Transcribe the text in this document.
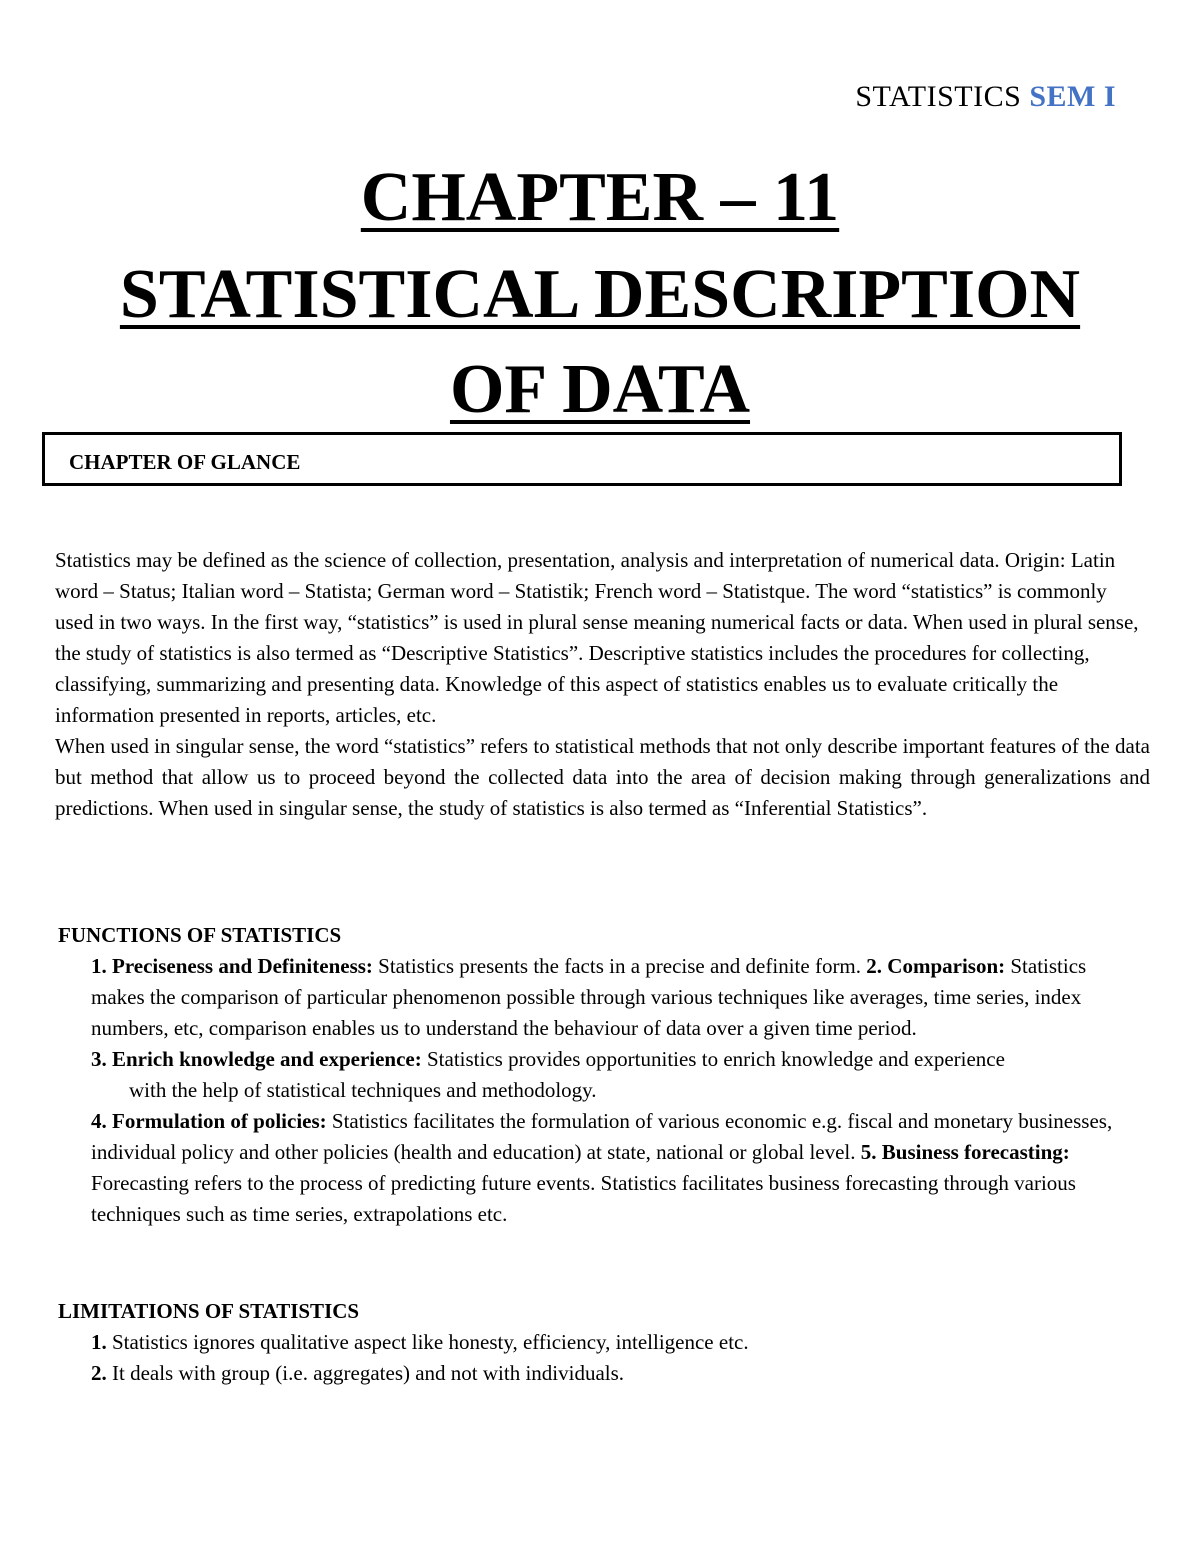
STATISTICS SEM I
CHAPTER – 11
STATISTICAL DESCRIPTION
OF DATA
CHAPTER OF GLANCE

Statistics may be defined as the science of collection, presentation, analysis and interpretation of numerical data. Origin: Latin word – Status; Italian word – Statista; German word – Statistik; French word – Statistque. The word “statistics” is commonly used in two ways. In the first way, “statistics” is used in plural sense meaning numerical facts or data. When used in plural sense, the study of statistics is also termed as “Descriptive Statistics”. Descriptive statistics includes the procedures for collecting, classifying, summarizing and presenting data. Knowledge of this aspect of statistics enables us to evaluate critically the information presented in reports, articles, etc.

When used in singular sense, the word “statistics” refers to statistical methods that not only describe important features of the data but method that allow us to proceed beyond the collected data into the area of decision making through generalizations and predictions. When used in singular sense, the study of statistics is also termed as “Inferential Statistics”.

FUNCTIONS OF STATISTICS

1. Preciseness and Definiteness: Statistics presents the facts in a precise and definite form. 2. Comparison: Statistics makes the comparison of particular phenomenon possible through various techniques like averages, time series, index numbers, etc, comparison enables us to understand the behaviour of data over a given time period.

3. Enrich knowledge and experience: Statistics provides opportunities to enrich knowledge and experience

with the help of statistical techniques and methodology.

4. Formulation of policies: Statistics facilitates the formulation of various economic e.g. fiscal and monetary businesses, individual policy and other policies (health and education) at state, national or global level. 5. Business forecasting: Forecasting refers to the process of predicting future events. Statistics facilitates business forecasting through various techniques such as time series, extrapolations etc.

LIMITATIONS OF STATISTICS

1. Statistics ignores qualitative aspect like honesty, efficiency, intelligence etc.

2. It deals with group (i.e. aggregates) and not with individuals.
